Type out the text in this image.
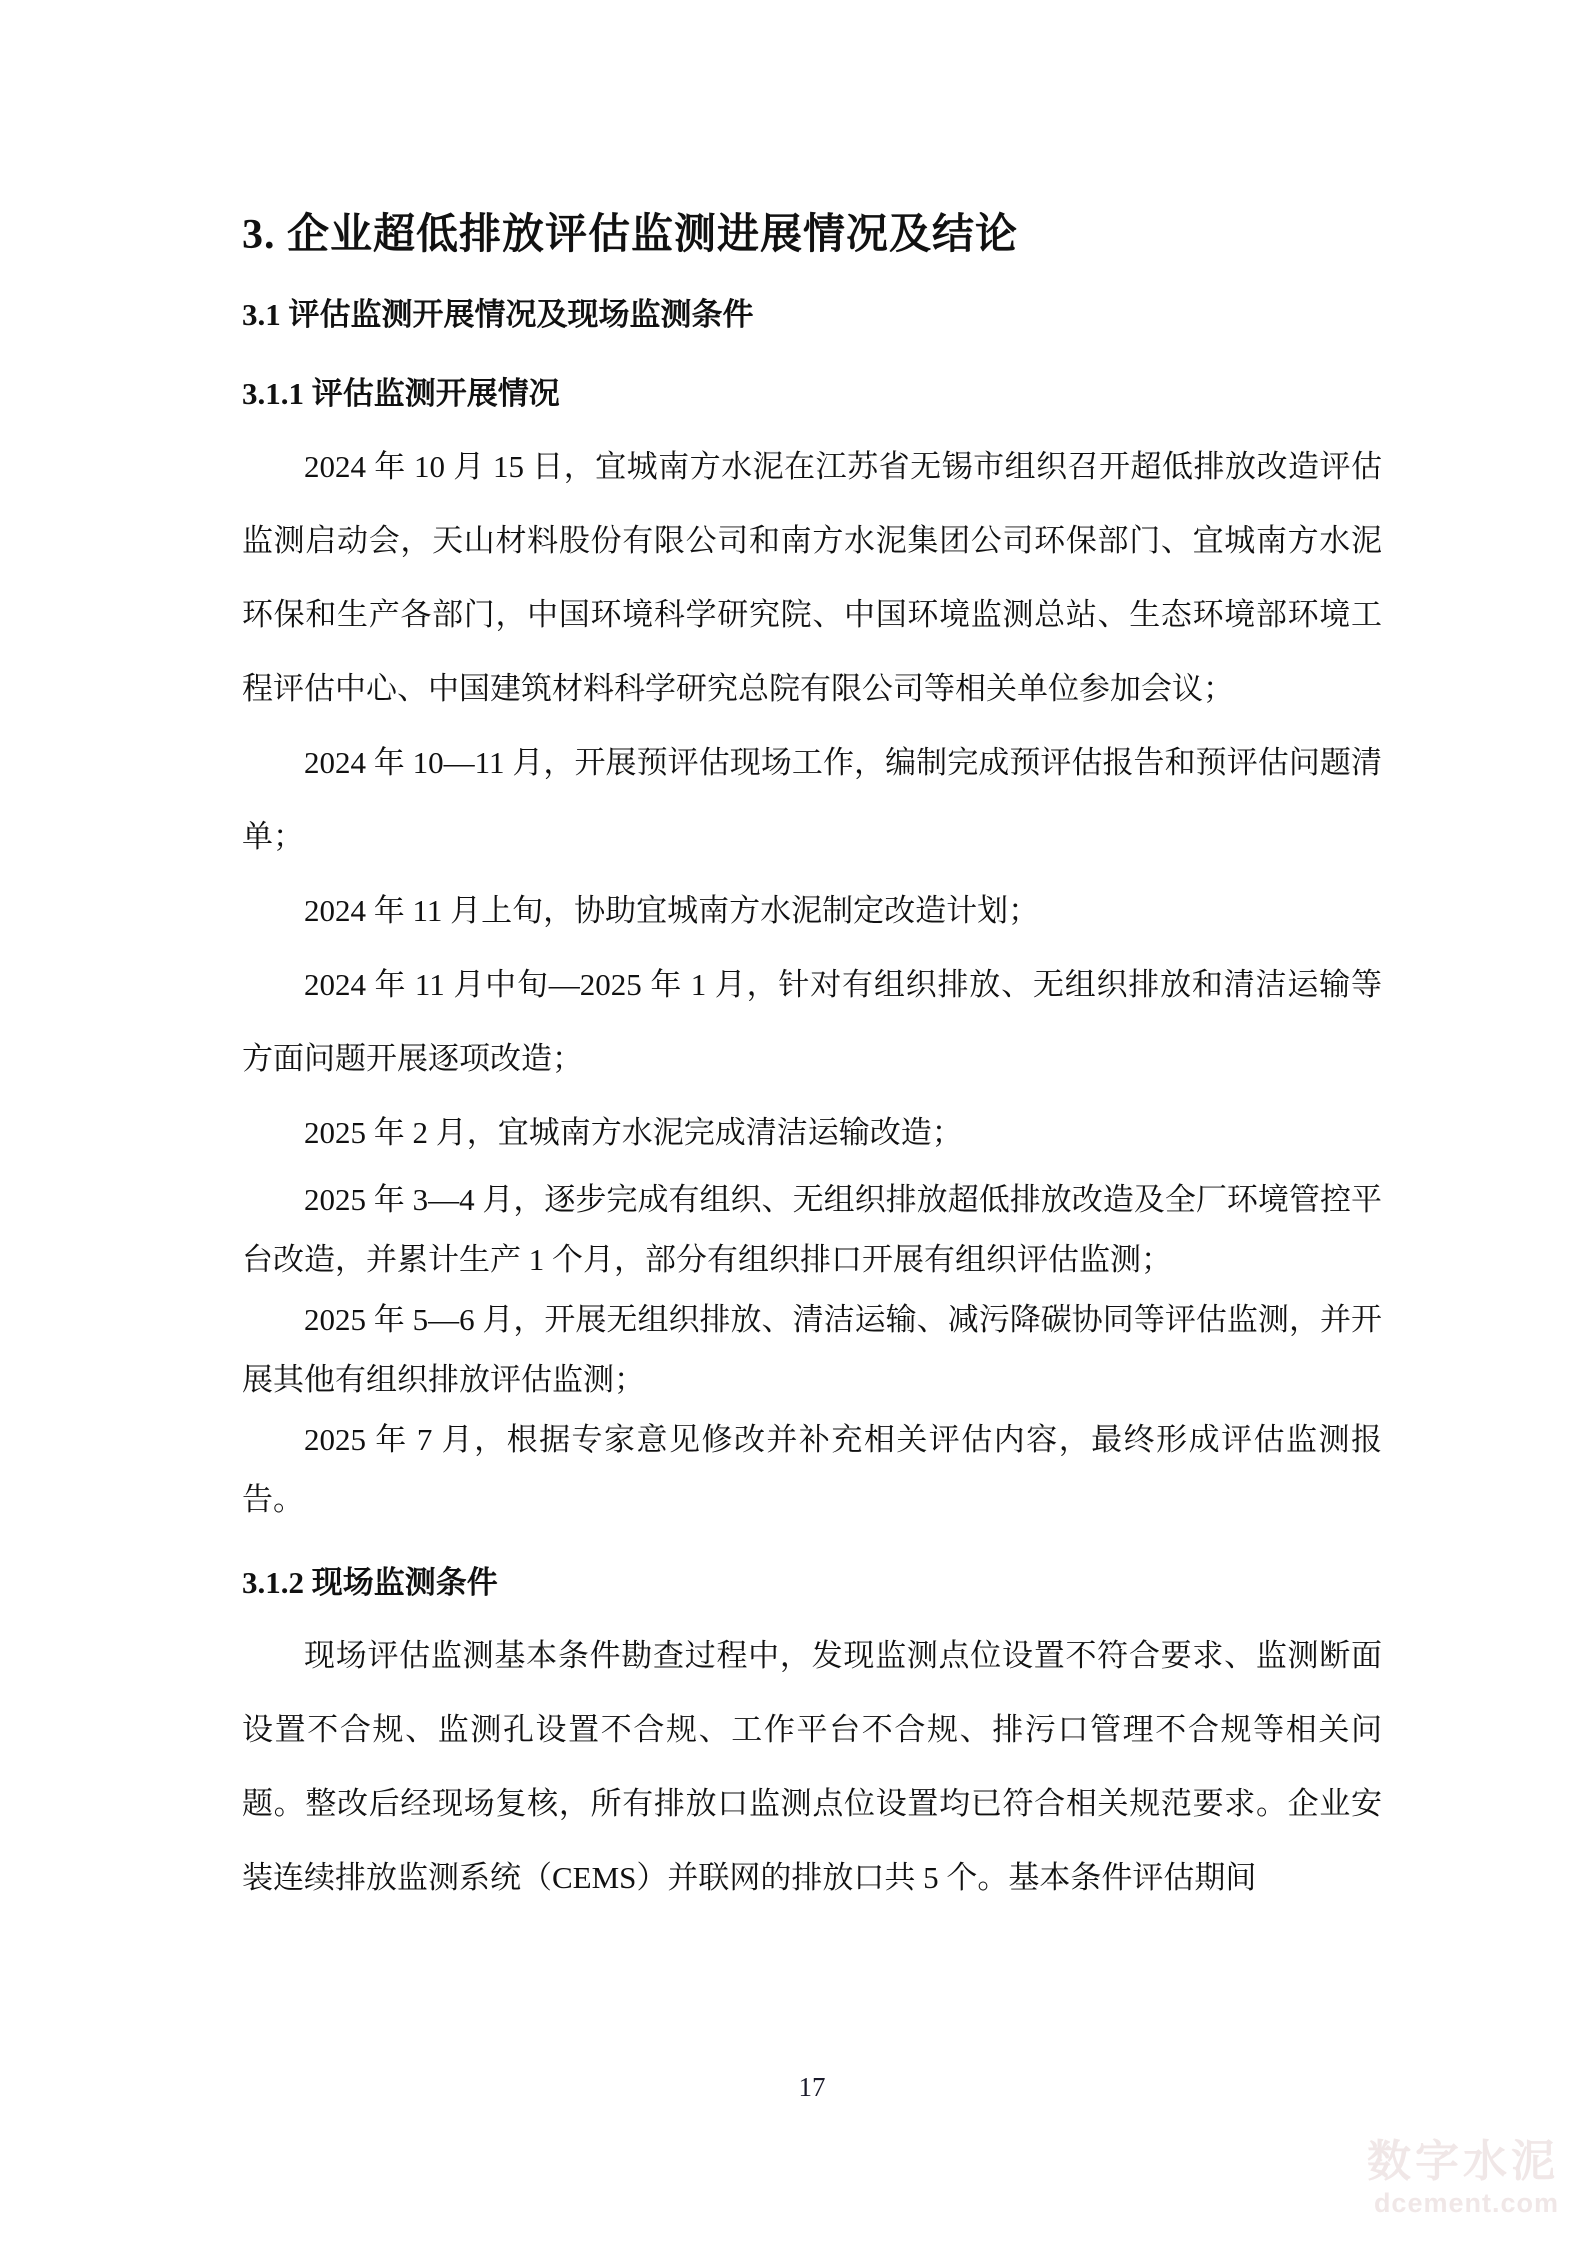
3. 企业超低排放评估监测进展情况及结论
3.1 评估监测开展情况及现场监测条件
3.1.1 评估监测开展情况

2024 年 10 月 15 日，宜城南方水泥在江苏省无锡市组织召开超低排放改造评估监测启动会，天山材料股份有限公司和南方水泥集团公司环保部门、宜城南方水泥环保和生产各部门，中国环境科学研究院、中国环境监测总站、生态环境部环境工程评估中心、中国建筑材料科学研究总院有限公司等相关单位参加会议；

2024 年 10—11 月，开展预评估现场工作，编制完成预评估报告和预评估问题清单；

2024 年 11 月上旬，协助宜城南方水泥制定改造计划；

2024 年 11 月中旬—2025 年 1 月，针对有组织排放、无组织排放和清洁运输等方面问题开展逐项改造；

2025 年 2 月，宜城南方水泥完成清洁运输改造；

2025 年 3—4 月，逐步完成有组织、无组织排放超低排放改造及全厂环境管控平台改造，并累计生产 1 个月，部分有组织排口开展有组织评估监测；

2025 年 5—6 月，开展无组织排放、清洁运输、减污降碳协同等评估监测，并开展其他有组织排放评估监测；

2025 年 7 月，根据专家意见修改并补充相关评估内容，最终形成评估监测报告。

3.1.2 现场监测条件

现场评估监测基本条件勘查过程中，发现监测点位设置不符合要求、监测断面设置不合规、监测孔设置不合规、工作平台不合规、排污口管理不合规等相关问题。整改后经现场复核，所有排放口监测点位设置均已符合相关规范要求。企业安装连续排放监测系统（CEMS）并联网的排放口共 5 个。基本条件评估期间

17
数字水泥
dcement.com
